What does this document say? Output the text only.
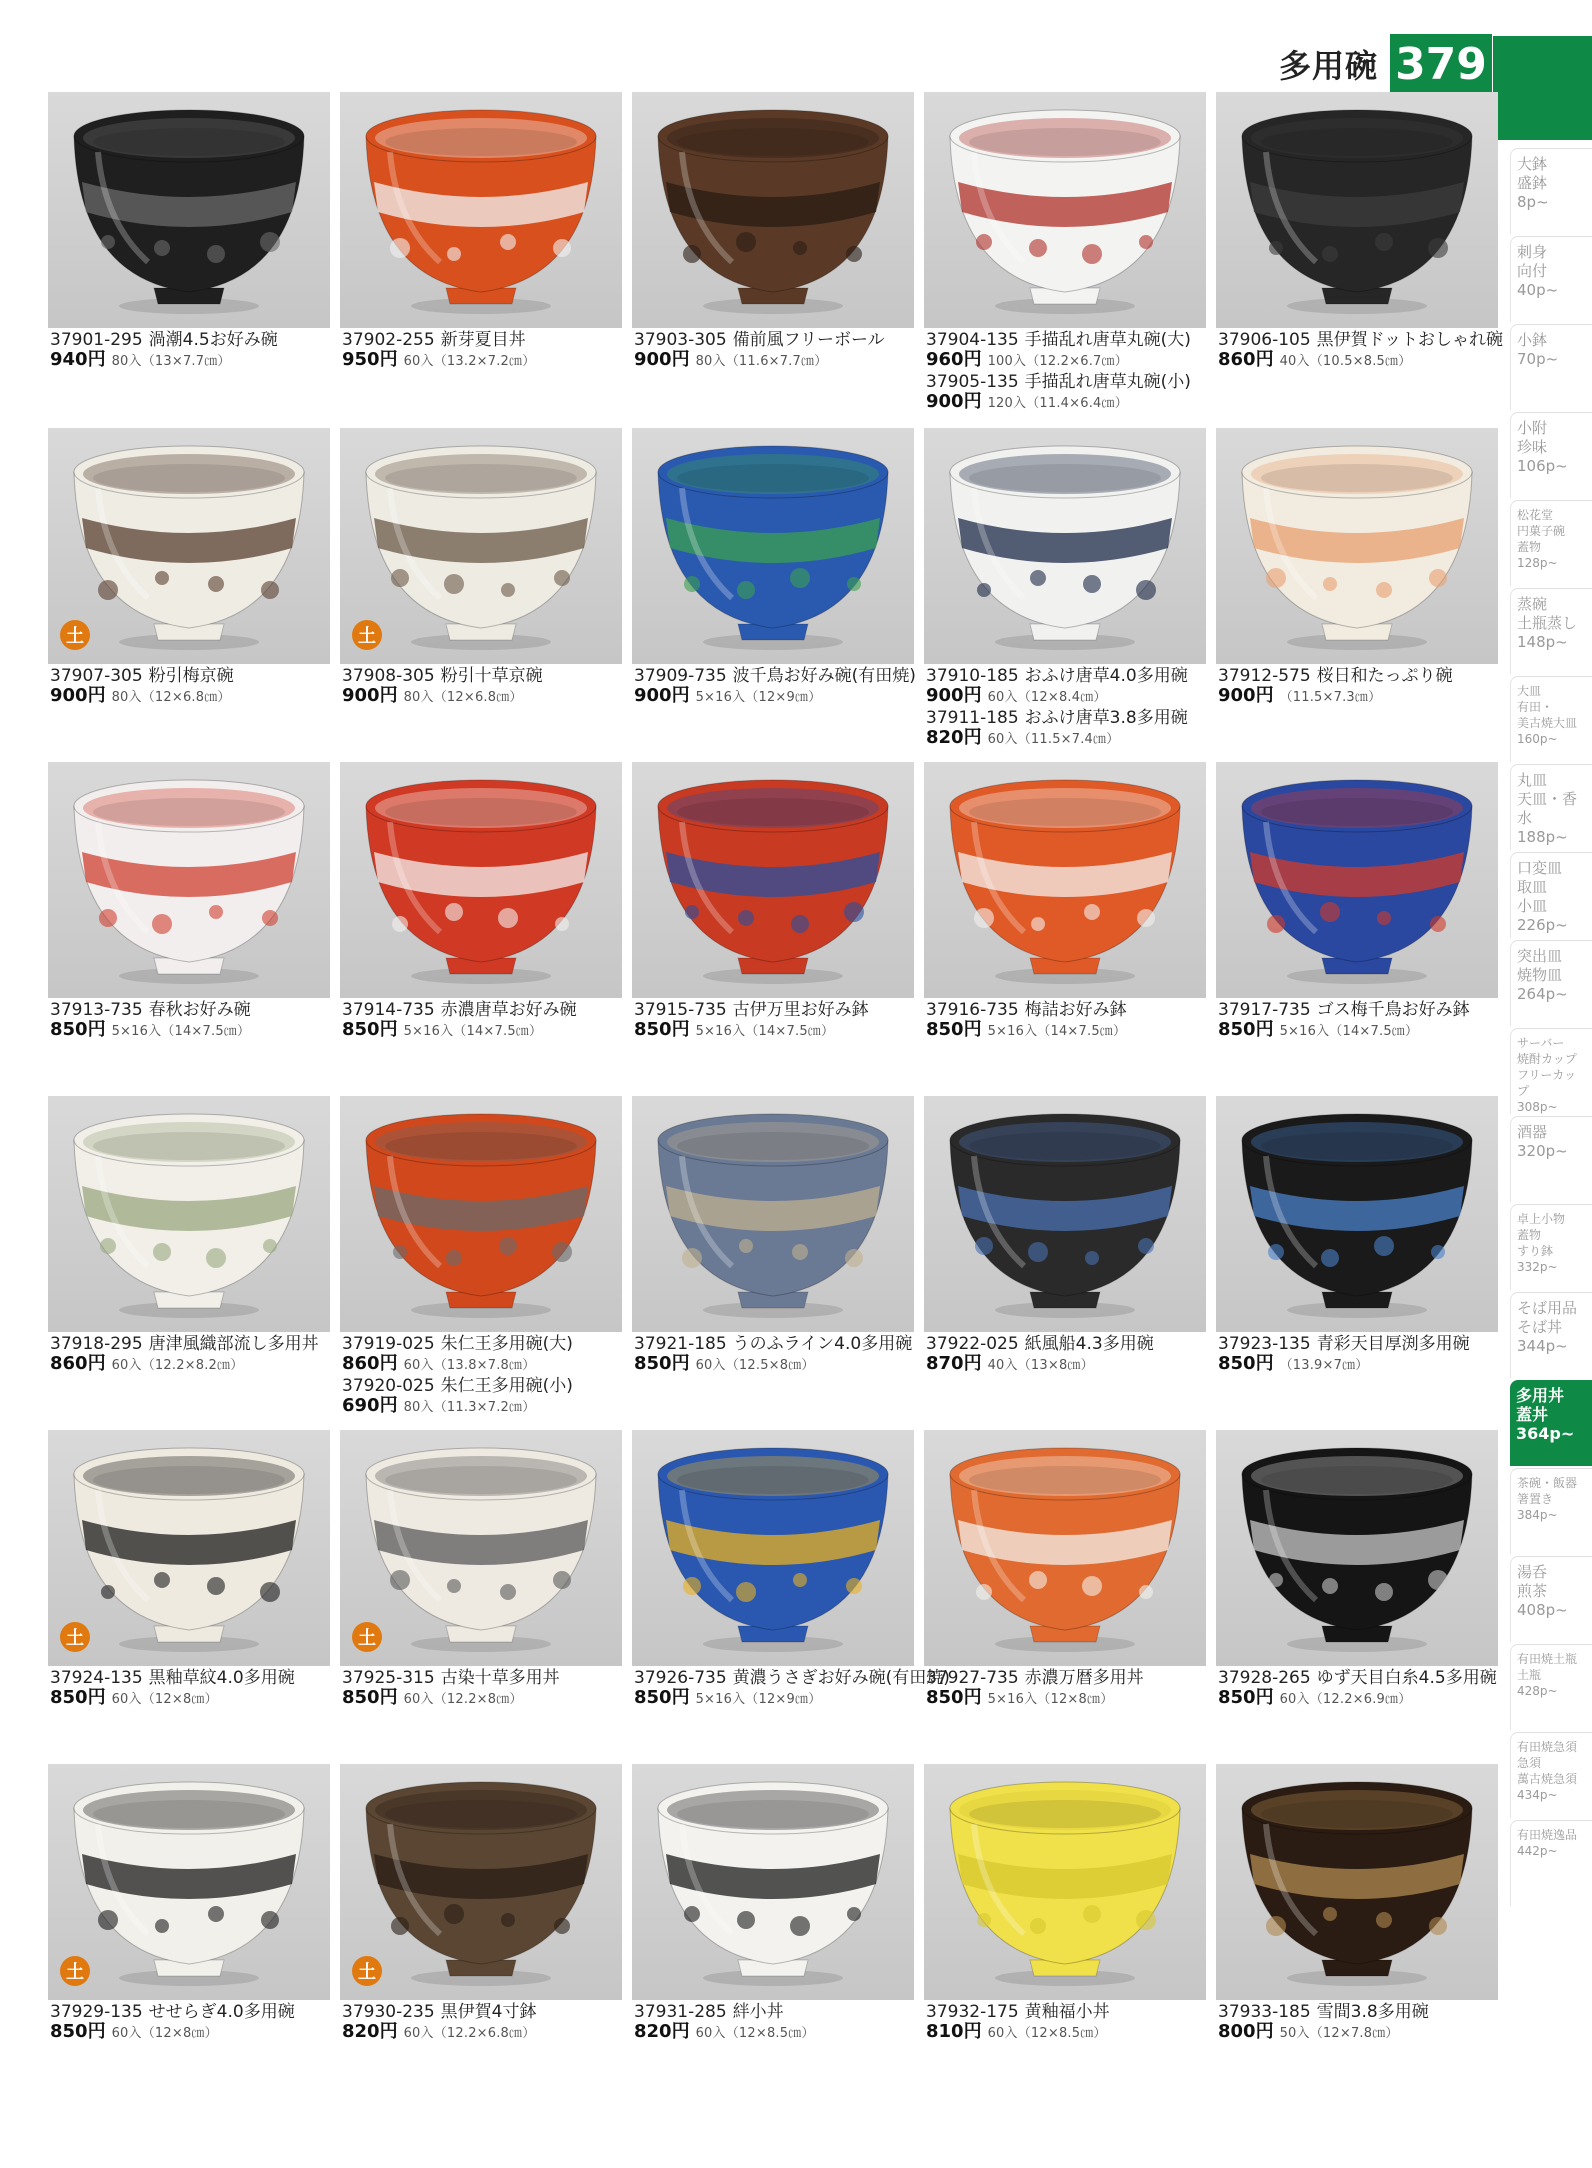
多用碗 379
大鉢
盛鉢
8p~
刺身
向付
40p~
小鉢
70p~
小附
珍味
106p~
松花堂
円菓子碗
蓋物
128p~
蒸碗
土瓶蒸し
148p~
大皿
有田・
美古焼大皿
160p~
丸皿
天皿・香水
188p~
口変皿
取皿
小皿
226p~
突出皿
焼物皿
264p~
サーバー
焼酎カップ
フリーカップ
308p~
酒器
320p~
卓上小物
蓋物
すり鉢
332p~
そば用品
そば丼
344p~
多用丼
蓋丼
364p~
茶碗・飯器
箸置き
384p~
湯呑
煎茶
408p~
有田焼土瓶
土瓶
428p~
有田焼急須
急須
萬古焼急須
434p~
有田焼逸品
442p~
37901-295 渦潮4.5お好み碗
940円 80入（13×7.7㎝）
37902-255 新芽夏目丼
950円 60入（13.2×7.2㎝）
37903-305 備前風フリーボール
900円 80入（11.6×7.7㎝）
37904-135 手描乱れ唐草丸碗(大)
960円 100入（12.2×6.7㎝）
37905-135 手描乱れ唐草丸碗(小)
900円 120入（11.4×6.4㎝）
37906-105 黒伊賀ドットおしゃれ碗
860円 40入（10.5×8.5㎝）
土
37907-305 粉引梅京碗
900円 80入（12×6.8㎝）
土
37908-305 粉引十草京碗
900円 80入（12×6.8㎝）
37909-735 波千鳥お好み碗(有田焼)
900円 5×16入（12×9㎝）
37910-185 おふけ唐草4.0多用碗
900円 60入（12×8.4㎝）
37911-185 おふけ唐草3.8多用碗
820円 60入（11.5×7.4㎝）
37912-575 桜日和たっぷり碗
900円 （11.5×7.3㎝）
37913-735 春秋お好み碗
850円 5×16入（14×7.5㎝）
37914-735 赤濃唐草お好み碗
850円 5×16入（14×7.5㎝）
37915-735 古伊万里お好み鉢
850円 5×16入（14×7.5㎝）
37916-735 梅詰お好み鉢
850円 5×16入（14×7.5㎝）
37917-735 ゴス梅千鳥お好み鉢
850円 5×16入（14×7.5㎝）
37918-295 唐津風織部流し多用丼
860円 60入（12.2×8.2㎝）
37919-025 朱仁王多用碗(大)
860円 60入（13.8×7.8㎝）
37920-025 朱仁王多用碗(小)
690円 80入（11.3×7.2㎝）
37921-185 うのふライン4.0多用碗
850円 60入（12.5×8㎝）
37922-025 紙風船4.3多用碗
870円 40入（13×8㎝）
37923-135 青彩天目厚渕多用碗
850円 （13.9×7㎝）
土
37924-135 黒釉草紋4.0多用碗
850円 60入（12×8㎝）
土
37925-315 古染十草多用丼
850円 60入（12.2×8㎝）
37926-735 黄濃うさぎお好み碗(有田焼)
850円 5×16入（12×9㎝）
37927-735 赤濃万暦多用丼
850円 5×16入（12×8㎝）
37928-265 ゆず天目白糸4.5多用碗
850円 60入（12.2×6.9㎝）
土
37929-135 せせらぎ4.0多用碗
850円 60入（12×8㎝）
土
37930-235 黒伊賀4寸鉢
820円 60入（12.2×6.8㎝）
37931-285 絆小丼
820円 60入（12×8.5㎝）
37932-175 黄釉福小丼
810円 60入（12×8.5㎝）
37933-185 雪間3.8多用碗
800円 50入（12×7.8㎝）
